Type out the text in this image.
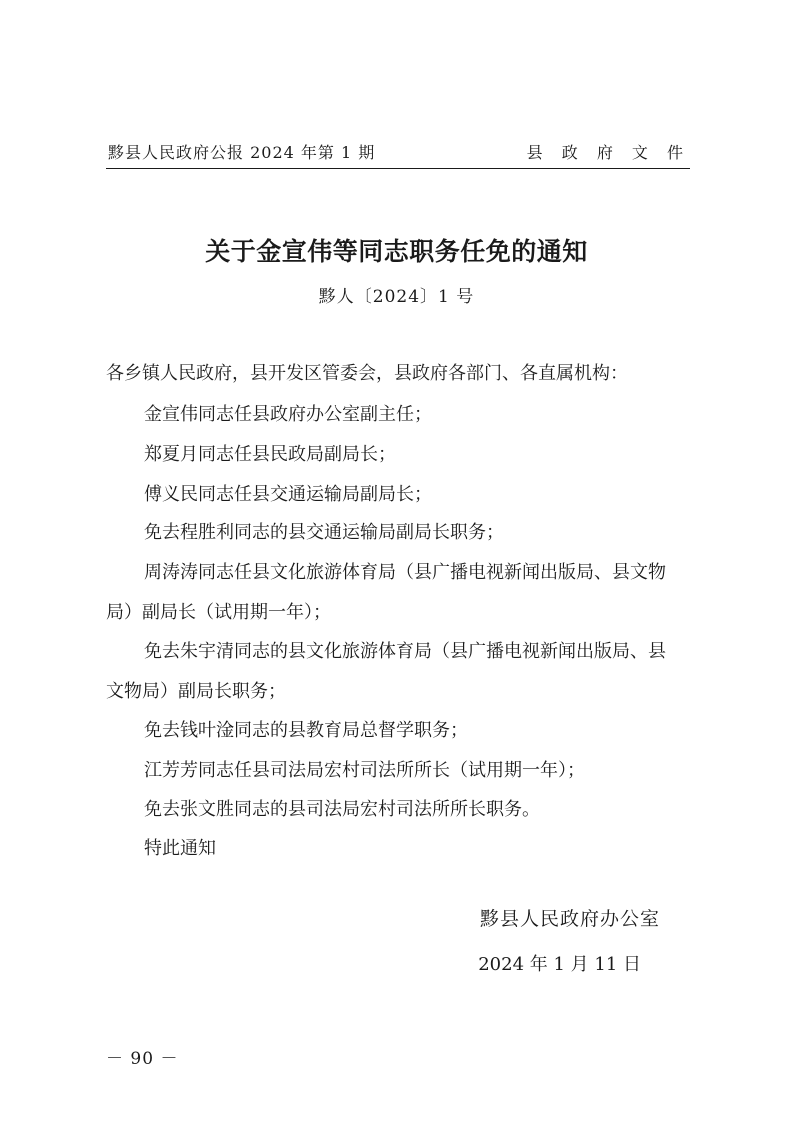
黟县人民政府公报 2024 年第 1 期	县 政 府 文 件
关于金宣伟等同志职务任免的通知
黟人〔2024〕1 号
各乡镇人民政府，县开发区管委会，县政府各部门、各直属机构：
金宣伟同志任县政府办公室副主任；
郑夏月同志任县民政局副局长；
傅义民同志任县交通运输局副局长；
免去程胜利同志的县交通运输局副局长职务；
周涛涛同志任县文化旅游体育局（县广播电视新闻出版局、县文物
局）副局长（试用期一年）；
免去朱宇清同志的县文化旅游体育局（县广播电视新闻出版局、县
文物局）副局长职务；
免去钱叶淦同志的县教育局总督学职务；
江芳芳同志任县司法局宏村司法所所长（试用期一年）；
免去张文胜同志的县司法局宏村司法所所长职务。
特此通知
黟县人民政府办公室
2024 年 1 月 11 日
－ 90 －
